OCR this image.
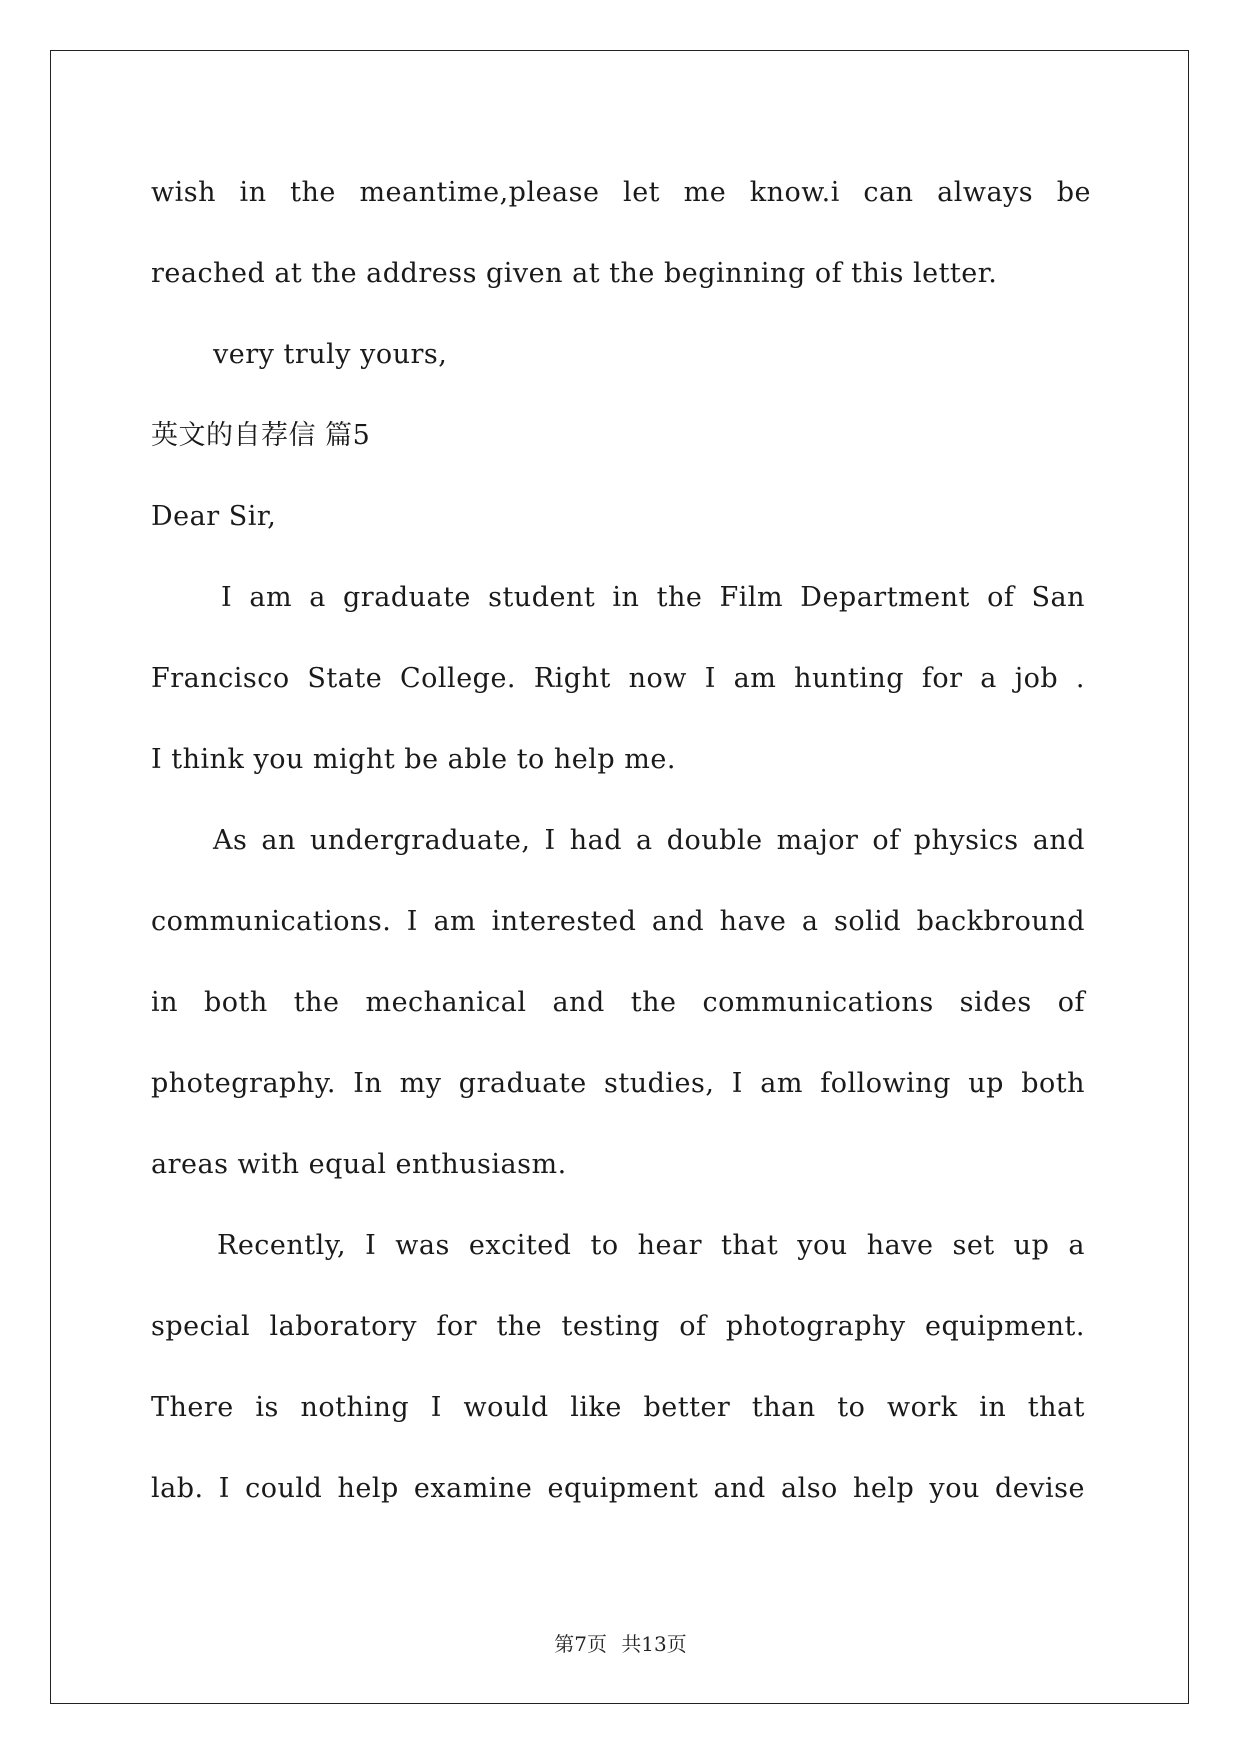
wish in the meantime,please let me know.i can always be
reached at the address given at the beginning of this letter.
very truly yours,
英文的自荐信 篇5
Dear Sir,
I am a graduate student in the Film Department of San
Francisco State College. Right now I am hunting for a job .
I think you might be able to help me.
As an undergraduate, I had a double major of physics and
communications. I am interested and have a solid backbround
in both the mechanical and the communications sides of
photegraphy. In my graduate studies, I am following up both
areas with equal enthusiasm.
Recently, I was excited to hear that you have set up a
special laboratory for the testing of photography equipment.
There is nothing I would like better than to work in that
lab. I could help examine equipment and also help you devise
第7页 共13页
